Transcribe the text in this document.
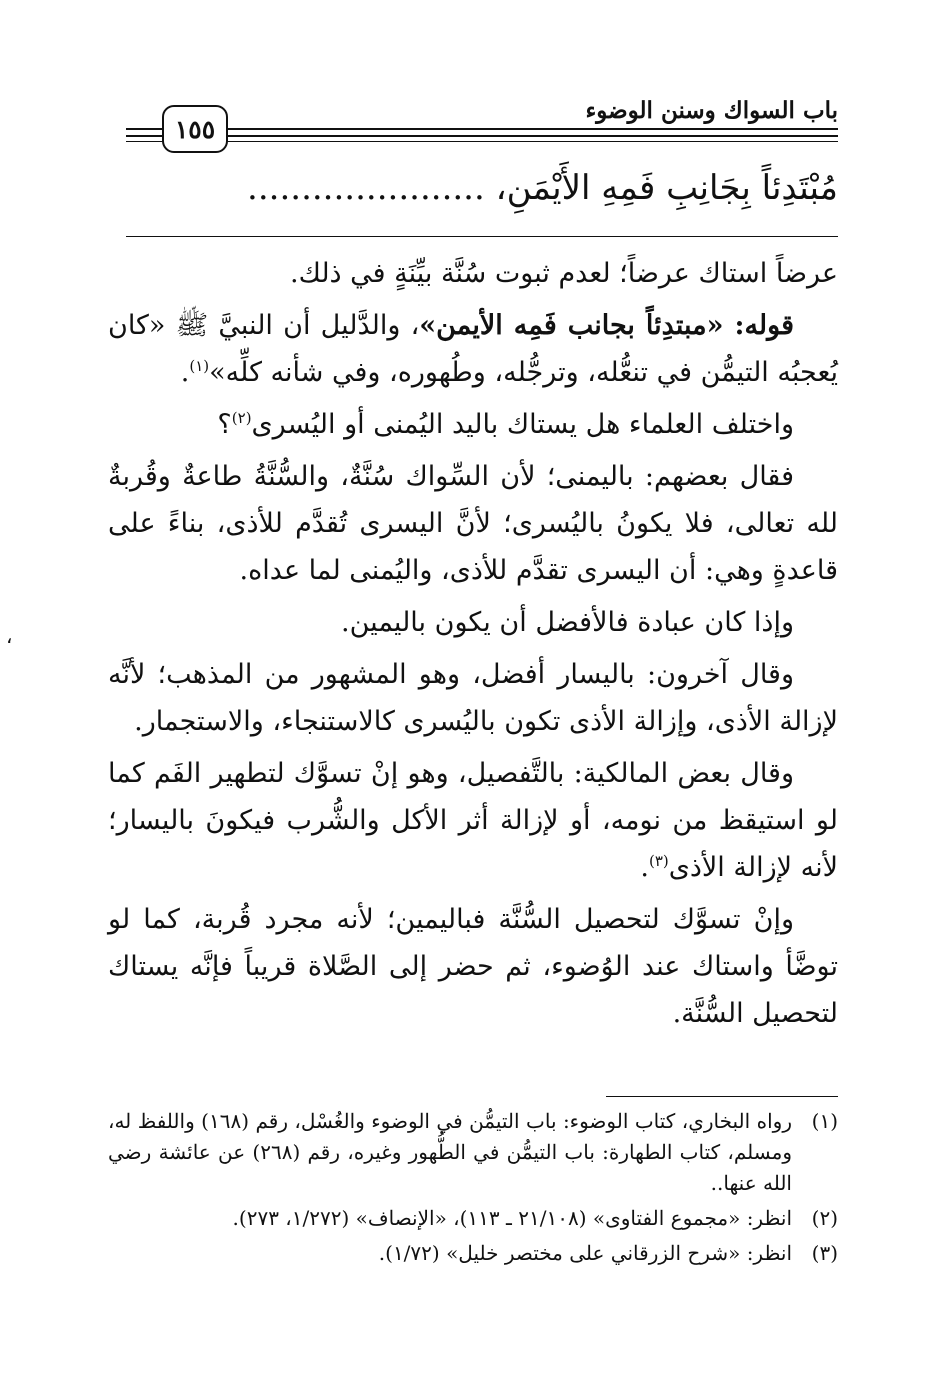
باب السواك وسنن الوضوء
١٥٥
مُبْتَدِئاً بِجَانِبِ فَمِهِ الأَيْمَنِ، ......................

عرضاً استاك عرضاً؛ لعدم ثبوت سُنَّة بيِّنَةٍ في ذلك.

قوله: «مبتدِئاً بجانب فَمِه الأيمن»، والدَّليل أن النبيَّ ﷺ «كان يُعجبُه التيمُّن في تنعُّله، وترجُّله، وطُهوره، وفي شأنه كلِّه»$^{(١)}$.

واختلف العلماء هل يستاك باليد اليُمنى أو اليُسرى$^{(٢)}$؟

فقال بعضهم: باليمنى؛ لأن السِّواك سُنَّةٌ، والسُّنَّةُ طاعةٌ وقُربةٌ لله تعالى، فلا يكونُ باليُسرى؛ لأنَّ اليسرى تُقدَّم للأذى، بناءً على قاعدةٍ وهي: أن اليسرى تقدَّم للأذى، واليُمنى لما عداه.

وإذا كان عبادة فالأفضل أن يكون باليمين.

وقال آخرون: باليسار أفضل، وهو المشهور من المذهب؛ لأنَّه لإزالة الأذى، وإزالة الأذى تكون باليُسرى كالاستنجاء، والاستجمار.

وقال بعض المالكية: بالتَّفصيل، وهو إنْ تسوَّك لتطهير الفَم كما لو استيقظ من نومه، أو لإزالة أثر الأكل والشُّرب فيكونَ باليسار؛ لأنه لإزالة الأذى$^{(٣)}$.

وإنْ تسوَّك لتحصيل السُّنَّة فباليمين؛ لأنه مجرد قُربة، كما لو توضَّأ واستاك عند الوُضوء، ثم حضر إلى الصَّلاة قريباً فإنَّه يستاك لتحصيل السُّنَّة.

،
(١)
رواه البخاري، كتاب الوضوء: باب التيمُّن في الوضوء والغُسْل، رقم (١٦٨) واللفظ له، ومسلم، كتاب الطهارة: باب التيمُّن في الطُّهور وغيره، رقم (٢٦٨) عن عائشة رضي الله عنها..
(٢)
انظر: «مجموع الفتاوى» (٢١/١٠٨ ـ ١١٣)، «الإنصاف» (١/٢٧٢، ٢٧٣).
(٣)
انظر: «شرح الزرقاني على مختصر خليل» (١/٧٢).
